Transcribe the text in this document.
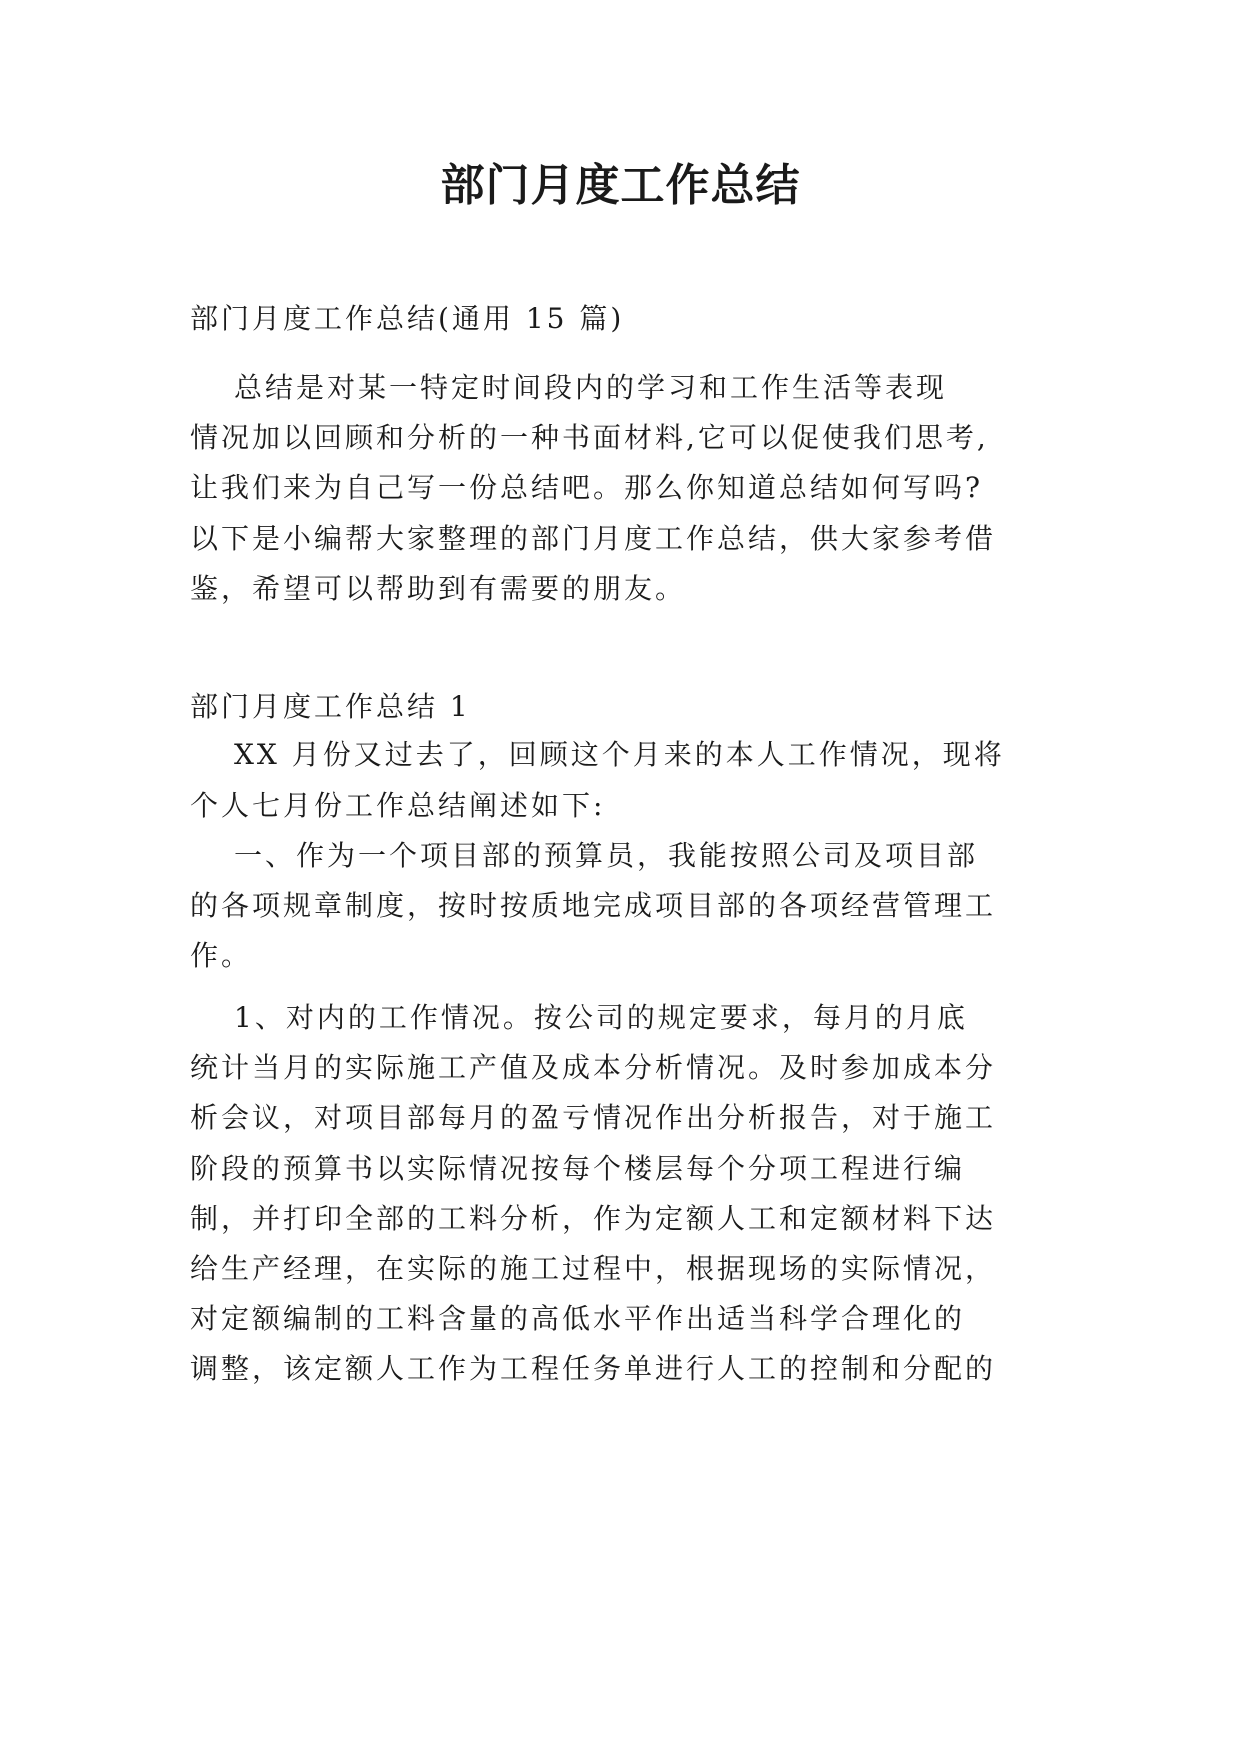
部门月度工作总结
部门月度工作总结(通用 15 篇)
总结是对某一特定时间段内的学习和工作生活等表现
情况加以回顾和分析的一种书面材料,它可以促使我们思考,
让我们来为自己写一份总结吧。那么你知道总结如何写吗?
以下是小编帮大家整理的部门月度工作总结，供大家参考借
鉴，希望可以帮助到有需要的朋友。
部门月度工作总结 1
XX 月份又过去了，回顾这个月来的本人工作情况，现将
个人七月份工作总结阐述如下:
一、作为一个项目部的预算员，我能按照公司及项目部
的各项规章制度，按时按质地完成项目部的各项经营管理工
作。
1、对内的工作情况。按公司的规定要求，每月的月底
统计当月的实际施工产值及成本分析情况。及时参加成本分
析会议，对项目部每月的盈亏情况作出分析报告，对于施工
阶段的预算书以实际情况按每个楼层每个分项工程进行编
制，并打印全部的工料分析，作为定额人工和定额材料下达
给生产经理，在实际的施工过程中，根据现场的实际情况，
对定额编制的工料含量的高低水平作出适当科学合理化的
调整，该定额人工作为工程任务单进行人工的控制和分配的
